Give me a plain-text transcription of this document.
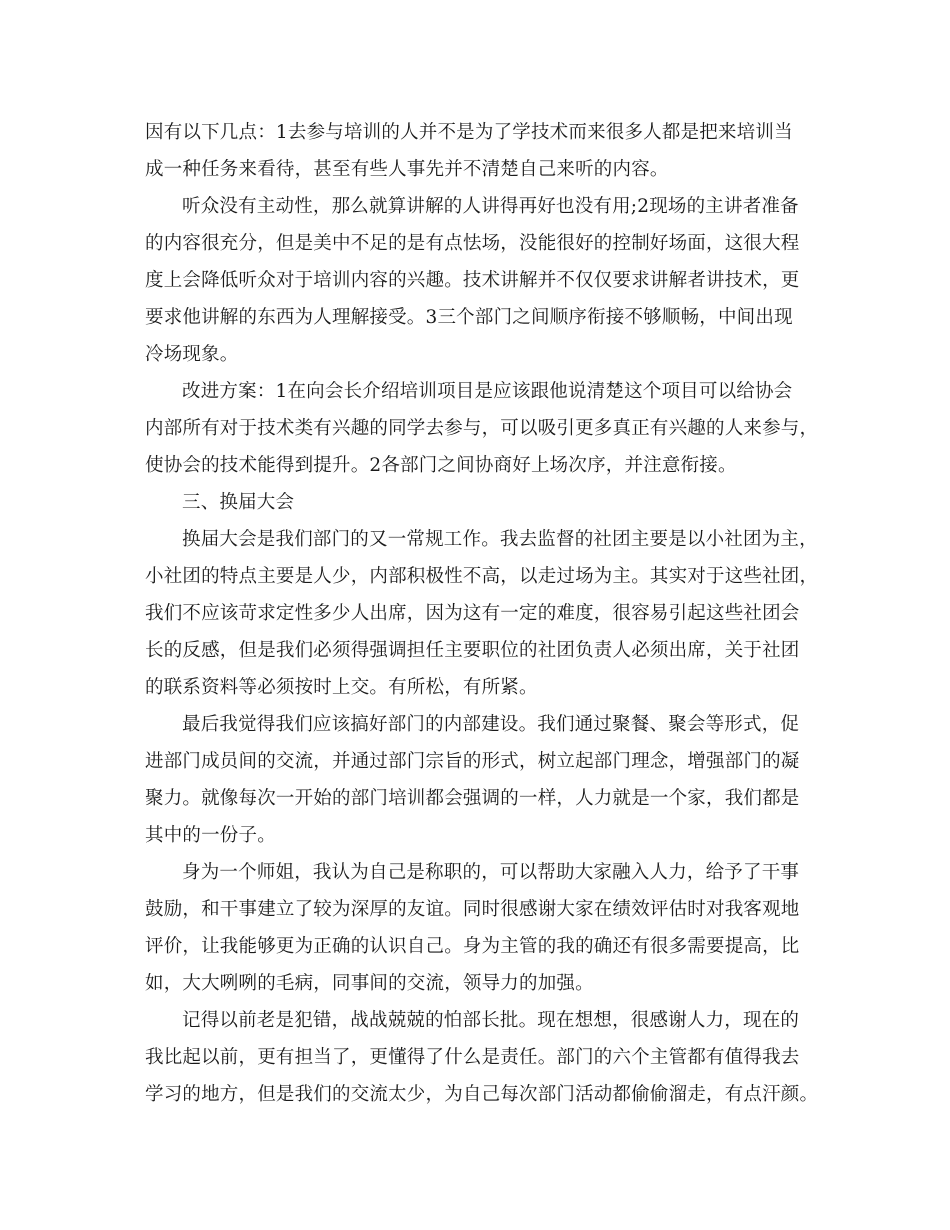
因有以下几点：1去参与培训的人并不是为了学技术而来很多人都是把来培训当
成一种任务来看待，甚至有些人事先并不清楚自己来听的内容。
听众没有主动性，那么就算讲解的人讲得再好也没有用;2现场的主讲者准备
的内容很充分，但是美中不足的是有点怯场，没能很好的控制好场面，这很大程
度上会降低听众对于培训内容的兴趣。技术讲解并不仅仅要求讲解者讲技术，更
要求他讲解的东西为人理解接受。3三个部门之间顺序衔接不够顺畅，中间出现
冷场现象。
改进方案：1在向会长介绍培训项目是应该跟他说清楚这个项目可以给协会
内部所有对于技术类有兴趣的同学去参与，可以吸引更多真正有兴趣的人来参与，
使协会的技术能得到提升。2各部门之间协商好上场次序，并注意衔接。
三、换届大会
换届大会是我们部门的又一常规工作。我去监督的社团主要是以小社团为主，
小社团的特点主要是人少，内部积极性不高，以走过场为主。其实对于这些社团，
我们不应该苛求定性多少人出席，因为这有一定的难度，很容易引起这些社团会
长的反感，但是我们必须得强调担任主要职位的社团负责人必须出席，关于社团
的联系资料等必须按时上交。有所松，有所紧。
最后我觉得我们应该搞好部门的内部建设。我们通过聚餐、聚会等形式，促
进部门成员间的交流，并通过部门宗旨的形式，树立起部门理念，增强部门的凝
聚力。就像每次一开始的部门培训都会强调的一样，人力就是一个家，我们都是
其中的一份子。
身为一个师姐，我认为自己是称职的，可以帮助大家融入人力，给予了干事
鼓励，和干事建立了较为深厚的友谊。同时很感谢大家在绩效评估时对我客观地
评价，让我能够更为正确的认识自己。身为主管的我的确还有很多需要提高，比
如，大大咧咧的毛病，同事间的交流，领导力的加强。
记得以前老是犯错，战战兢兢的怕部长批。现在想想，很感谢人力，现在的
我比起以前，更有担当了，更懂得了什么是责任。部门的六个主管都有值得我去
学习的地方，但是我们的交流太少，为自己每次部门活动都偷偷溜走，有点汗颜。
